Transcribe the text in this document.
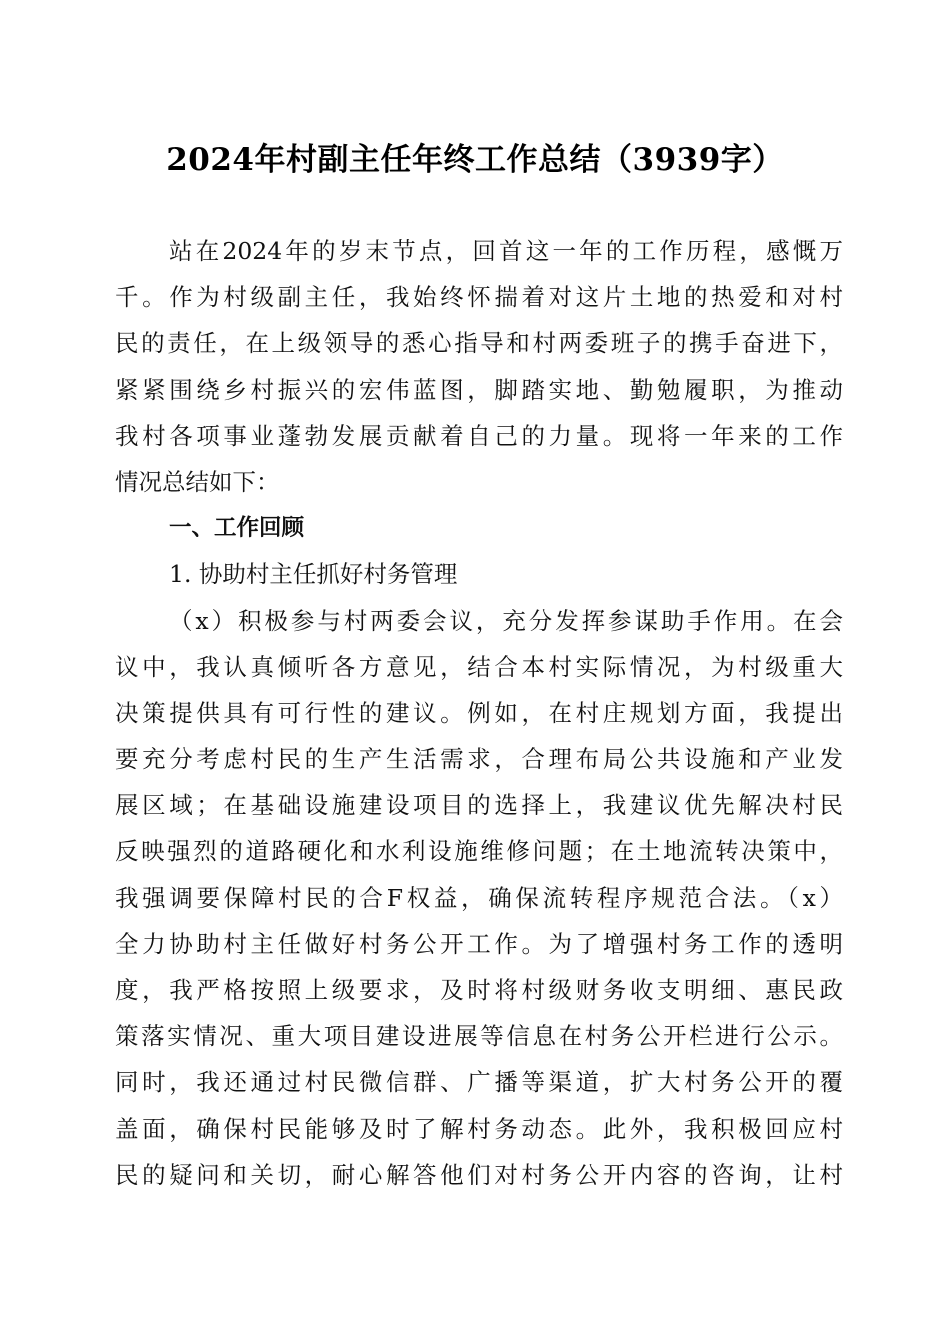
2024年村副主任年终工作总结（3939字）
站在2024年的岁末节点，回首这一年的工作历程，感慨万
千。作为村级副主任，我始终怀揣着对这片土地的热爱和对村
民的责任，在上级领导的悉心指导和村两委班子的携手奋进下，
紧紧围绕乡村振兴的宏伟蓝图，脚踏实地、勤勉履职，为推动
我村各项事业蓬勃发展贡献着自己的力量。现将一年来的工作
情况总结如下：
一、工作回顾
1. 协助村主任抓好村务管理
（x）积极参与村两委会议，充分发挥参谋助手作用。在会
议中，我认真倾听各方意见，结合本村实际情况，为村级重大
决策提供具有可行性的建议。例如，在村庄规划方面，我提出
要充分考虑村民的生产生活需求，合理布局公共设施和产业发
展区域；在基础设施建设项目的选择上，我建议优先解决村民
反映强烈的道路硬化和水利设施维修问题；在土地流转决策中，
我强调要保障村民的合F权益，确保流转程序规范合法。（x）
全力协助村主任做好村务公开工作。为了增强村务工作的透明
度，我严格按照上级要求，及时将村级财务收支明细、惠民政
策落实情况、重大项目建设进展等信息在村务公开栏进行公示。
同时，我还通过村民微信群、广播等渠道，扩大村务公开的覆
盖面，确保村民能够及时了解村务动态。此外，我积极回应村
民的疑问和关切，耐心解答他们对村务公开内容的咨询，让村
